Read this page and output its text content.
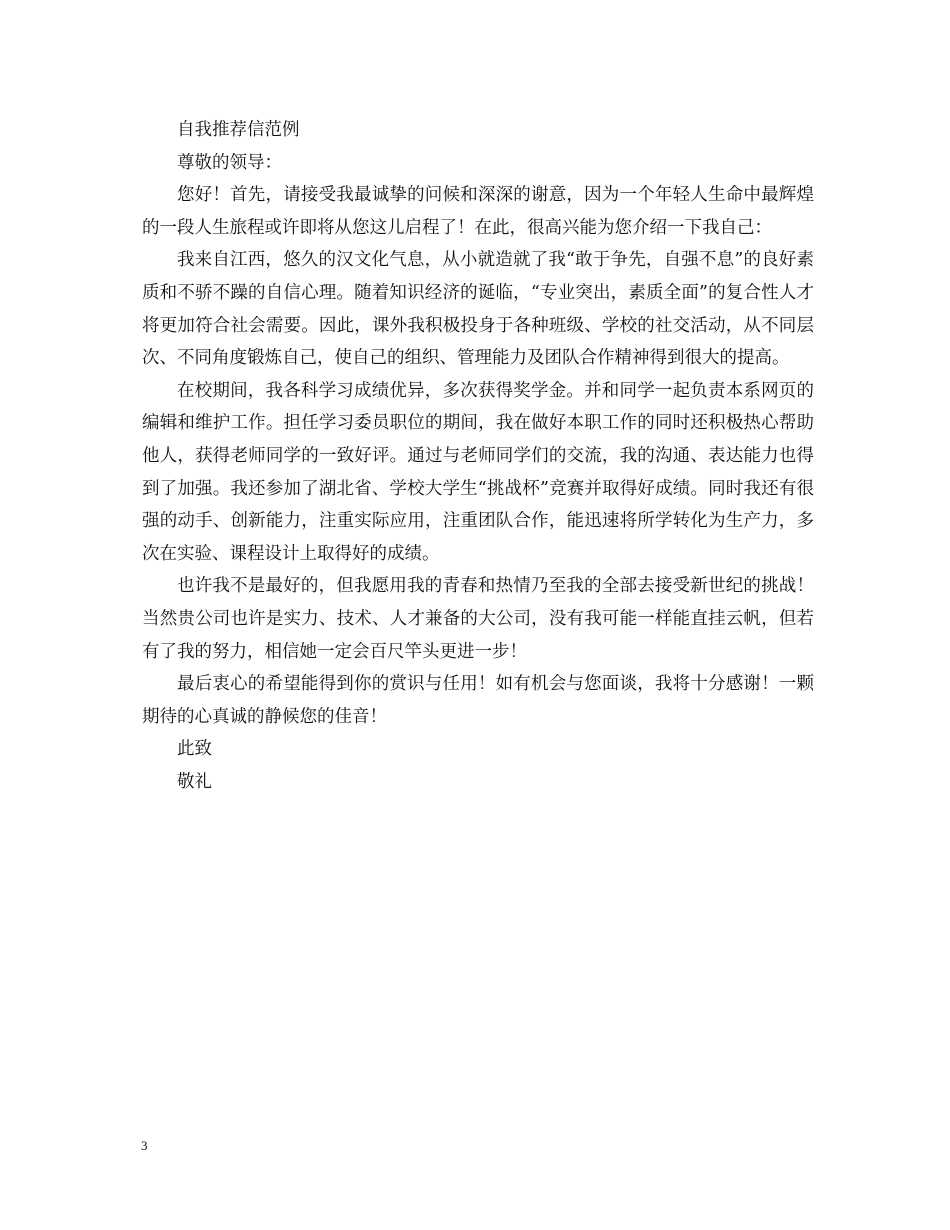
自我推荐信范例

尊敬的领导：

您好！首先，请接受我最诚挚的问候和深深的谢意，因为一个年轻人生命中最辉煌的一段人生旅程或许即将从您这儿启程了！在此，很高兴能为您介绍一下我自己：

我来自江西，悠久的汉文化气息，从小就造就了我“敢于争先，自强不息”的良好素质和不骄不躁的自信心理。随着知识经济的诞临，“专业突出，素质全面”的复合性人才将更加符合社会需要。因此，课外我积极投身于各种班级、学校的社交活动，从不同层次、不同角度锻炼自己，使自己的组织、管理能力及团队合作精神得到很大的提高。

在校期间，我各科学习成绩优异，多次获得奖学金。并和同学一起负责本系网页的编辑和维护工作。担任学习委员职位的期间，我在做好本职工作的同时还积极热心帮助他人，获得老师同学的一致好评。通过与老师同学们的交流，我的沟通、表达能力也得到了加强。我还参加了湖北省、学校大学生“挑战杯”竞赛并取得好成绩。同时我还有很强的动手、创新能力，注重实际应用，注重团队合作，能迅速将所学转化为生产力，多次在实验、课程设计上取得好的成绩。

也许我不是最好的，但我愿用我的青春和热情乃至我的全部去接受新世纪的挑战！当然贵公司也许是实力、技术、人才兼备的大公司，没有我可能一样能直挂云帆，但若有了我的努力，相信她一定会百尺竿头更进一步！

最后衷心的希望能得到你的赏识与任用！如有机会与您面谈，我将十分感谢！一颗期待的心真诚的静候您的佳音！

此致

敬礼

3
